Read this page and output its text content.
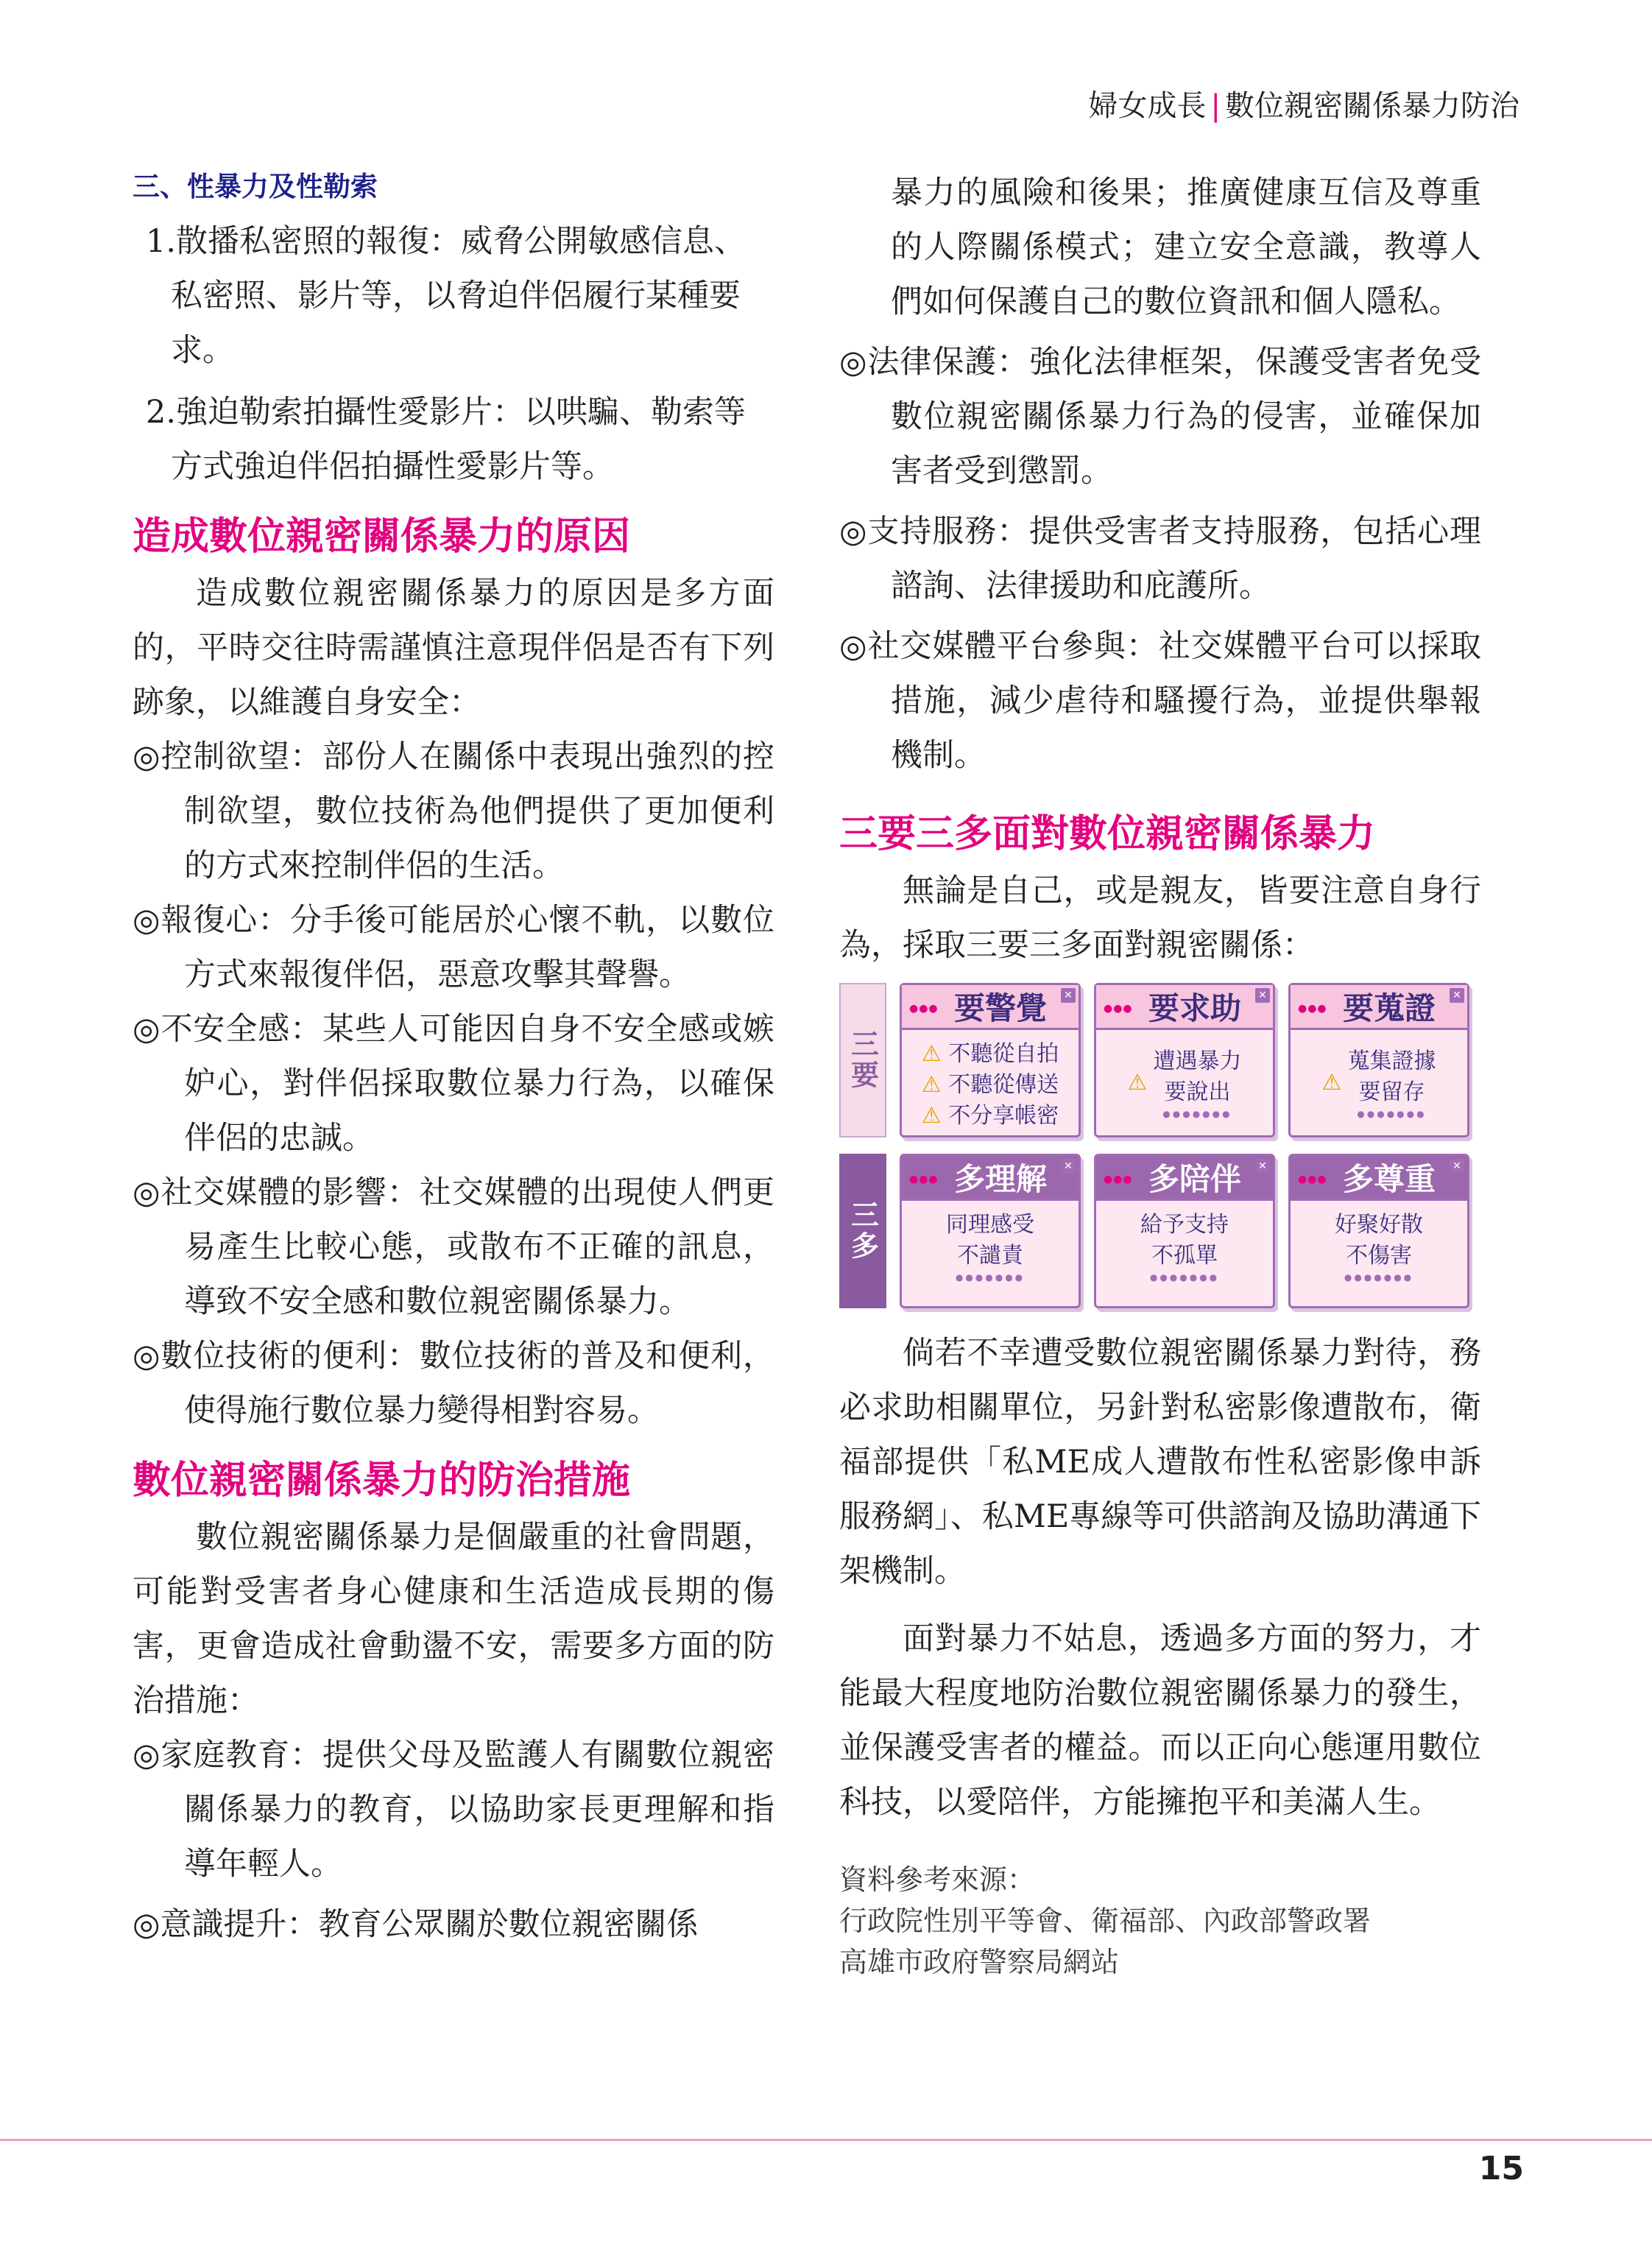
婦女成長 | 數位親密關係暴力防治
三、性暴力及性勒索

1.散播私密照的報復：威脅公開敏感信息、私密照、影片等，以脅迫伴侶履行某種要求。

2.強迫勒索拍攝性愛影片：以哄騙、勒索等方式強迫伴侶拍攝性愛影片等。

造成數位親密關係暴力的原因

造成數位親密關係暴力的原因是多方面的，平時交往時需謹慎注意現伴侶是否有下列跡象，以維護自身安全：

◎控制欲望：部份人在關係中表現出強烈的控制欲望，數位技術為他們提供了更加便利的方式來控制伴侶的生活。

◎報復心：分手後可能居於心懷不軌，以數位方式來報復伴侶，惡意攻擊其聲譽。

◎不安全感：某些人可能因自身不安全感或嫉妒心，對伴侶採取數位暴力行為，以確保伴侶的忠誠。

◎社交媒體的影響：社交媒體的出現使人們更易產生比較心態，或散布不正確的訊息，導致不安全感和數位親密關係暴力。

◎數位技術的便利：數位技術的普及和便利，使得施行數位暴力變得相對容易。

數位親密關係暴力的防治措施

數位親密關係暴力是個嚴重的社會問題，可能對受害者身心健康和生活造成長期的傷害，更會造成社會動盪不安，需要多方面的防治措施：

◎家庭教育：提供父母及監護人有關數位親密關係暴力的教育，以協助家長更理解和指導年輕人。

◎意識提升：教育公眾關於數位親密關係

暴力的風險和後果；推廣健康互信及尊重的人際關係模式；建立安全意識，教導人們如何保護自己的數位資訊和個人隱私。

◎法律保護：強化法律框架，保護受害者免受數位親密關係暴力行為的侵害，並確保加害者受到懲罰。

◎支持服務：提供受害者支持服務，包括心理諮詢、法律援助和庇護所。

◎社交媒體平台參與：社交媒體平台可以採取措施，減少虐待和騷擾行為，並提供舉報機制。

三要三多面對數位親密關係暴力

無論是自己，或是親友，皆要注意自身行為，採取三要三多面對親密關係：

三要
三多
●●● 要警覺	✕
⚠ 不聽從自拍
⚠ 不聽從傳送
⚠ 不分享帳密
●●● 要求助	✕
⚠
遭遇暴力
要說出
●●●●●●●
●●● 要蒐證	✕
⚠
蒐集證據
要留存
●●●●●●●
●●● 多理解	✕
同理感受
不譴責
●●●●●●●
●●● 多陪伴	✕
給予支持
不孤單
●●●●●●●
●●● 多尊重	✕
好聚好散
不傷害
●●●●●●●

倘若不幸遭受數位親密關係暴力對待，務必求助相關單位，另針對私密影像遭散布，衛福部提供「私ME成人遭散布性私密影像申訴服務網」、私ME專線等可供諮詢及協助溝通下架機制。

面對暴力不姑息，透過多方面的努力，才能最大程度地防治數位親密關係暴力的發生，並保護受害者的權益。而以正向心態運用數位科技，以愛陪伴，方能擁抱平和美滿人生。

資料參考來源：
行政院性別平等會、衛福部、內政部警政署
高雄市政府警察局網站
15
